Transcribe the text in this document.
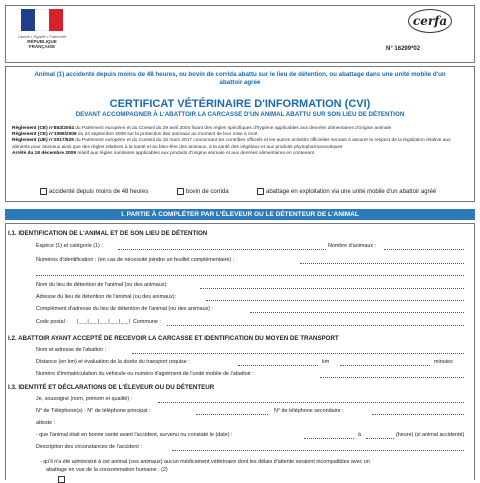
Liberté • Égalité • Fraternité
RÉPUBLIQUE FRANÇAISE
cerfa
N° 16299*02
Animal (1) accidenté depuis moins de 48 heures, ou bovin de corrida abattu sur le lieu de détention, ou abattage dans une unité mobile d'un abattoir agréé
CERTIFICAT VÉTÉRINAIRE D'INFORMATION (CVI)
DEVANT ACCOMPAGNER À L'ABATTOIR LA CARCASSE D'UN ANIMAL ABATTU SUR SON LIEU DE DÉTENTION
Règlement (CE) n°853/2004 du Parlement européen et du Conseil du 29 avril 2004 fixant des règles spécifiques d'hygiène applicables aux denrées alimentaires d'origine animale
Règlement (CE) n°1099/2009 du 24 septembre 2009 sur la protection des animaux au moment de leur mise à mort
Règlement (UE) n°2017/625 du Parlement européen et du Conseil du 15 mars 2017 concernant les contrôles officiels et les autres activités officielles servant à assurer le respect de la législation relative aux aliments pour animaux ainsi que des règles relatives à la santé et au bien-être des animaux, à la santé des végétaux et aux produits phytopharmaceutiques
Arrêté du 18 décembre 2009 relatif aux règles sanitaires applicables aux produits d'origine animale et aux denrées alimentaires en contenant
accidenté depuis moins de 48 heures	bovin de corrida	abattage en exploitation via une unité mobile d'un abattoir agréé
I. PARTIE À COMPLÉTER PAR L'ÉLEVEUR OU LE DÉTENTEUR DE L'ANIMAL
I.1. IDENTIFICATION DE L'ANIMAL ET DE SON LIEU DE DÉTENTION
Espèce (1) et catégorie (1) :	Nombre d'animaux :
Numéros d'identification : (en cas de nécessité joindre un feuillet complémentaire) :
Nom du lieu de détention de l'animal (ou des animaux):
Adresse du lieu de détention de l'animal (ou des animaux):
Complément d'adresse du lieu de détention de l'animal (ou des animaux) :
Code postal : |__|__|__|__|__| Commune :
I.2. ABATTOIR AYANT ACCEPTÉ DE RECEVOIR LA CARCASSE ET IDENTIFICATION DU MOYEN DE TRANSPORT
Nom et adresse de l'abattoir :
Distance (en km) et évaluation de la durée du transport requise :	km	minutes
Numéro d'immatriculation du véhicule ou numéro d'agrément de l'unité mobile de l'abattoir :
I.3. IDENTITÉ ET DÉCLARATIONS DE L'ÉLEVEUR OU DU DÉTENTEUR
Je, soussigné (nom, prénom et qualité) :
N° de Téléphone(s) : N° de téléphone principal :	N° de téléphone secondaire :
atteste :
- que l'animal était en bonne santé avant l'accident, survenu ou constaté le (date) :	à	(heure) (si animal accidenté)
Description des circonstances de l'accident :
- qu'il n'a été administré à cet animal (ces animaux) aucun médicament vétérinaire dont les délais d'attente seraient incompatibles avec un
abattage en vue de la consommation humaine : (2)
